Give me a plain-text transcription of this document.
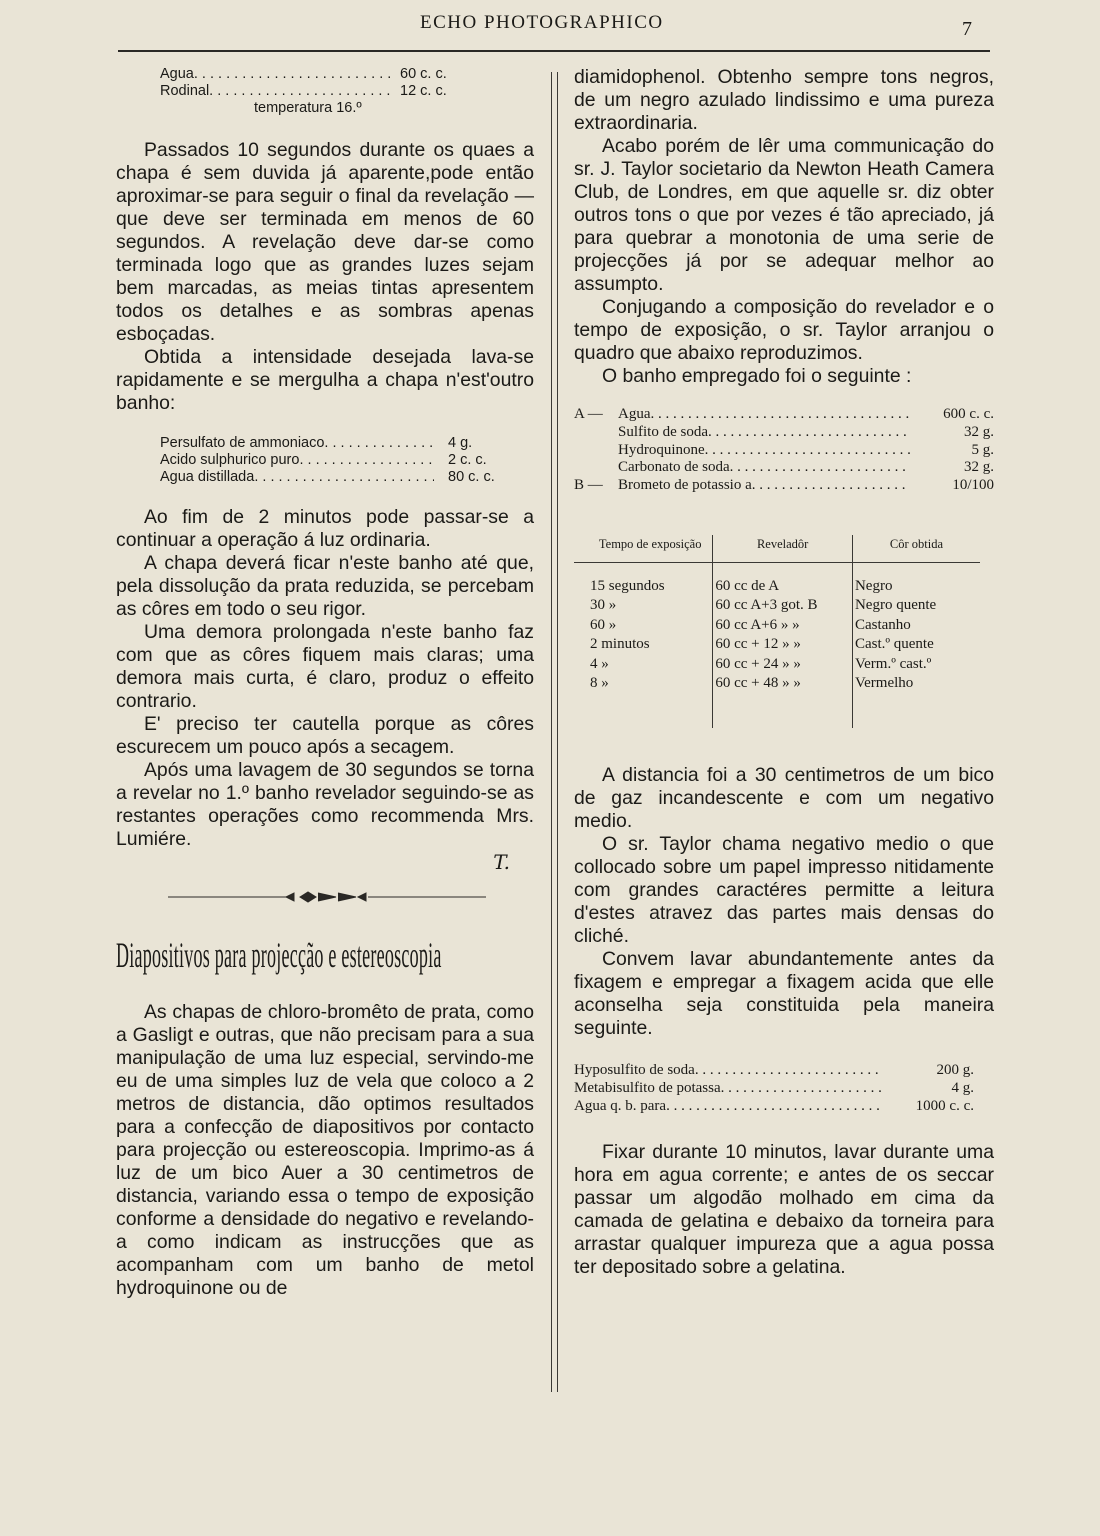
ECHO PHOTOGRAPHICO	7
Agua . . .	60 c. c.
Rodinal . . .	12 c. c.
temperatura 16.º

Passados 10 segundos durante os quaes a chapa é sem duvida já aparente,pode então aproximar-se para seguir o final da revelação —que deve ser terminada em menos de 60 segundos. A revelação deve dar-se como terminada logo que as grandes luzes sejam bem marcadas, as meias tintas apresentem todos os detalhes e as sombras apenas esboçadas.

Obtida a intensidade desejada lava-se rapidamente e se mergulha a chapa n'est'outro banho:

Persulfato de ammoniaco . . .	4 g.
Acido sulphurico puro . . .	2 c. c.
Agua distillada . . .	80 c. c.

Ao fim de 2 minutos pode passar-se a continuar a operação á luz ordinaria.

A chapa deverá ficar n'este banho até que, pela dissolução da prata reduzida, se percebam as côres em todo o seu rigor.

Uma demora prolongada n'este banho faz com que as côres fiquem mais claras; uma demora mais curta, é claro, produz o effeito contrario.

E' preciso ter cautella porque as côres escurecem um pouco após a secagem.

Após uma lavagem de 30 segundos se torna a revelar no 1.º banho revelador seguindo-se as restantes operações como recommenda Mrs. Lumiére.

T.
Diapositivos para projecção e estereoscopia

As chapas de chloro-bromêto de prata, como a Gasligt e outras, que não precisam para a sua manipulação de uma luz especial, servindo-me eu de uma simples luz de vela que coloco a 2 metros de distancia, dão optimos resultados para a confecção de diapositivos por contacto para projecção ou estereoscopia. Imprimo-as á luz de um bico Auer a 30 centimetros de distancia, variando essa o tempo de exposição conforme a densidade do negativo e revelando-a como indicam as instrucções que as acompanham com um banho de metol hydroquinone ou de

diamidophenol. Obtenho sempre tons negros, de um negro azulado lindissimo e uma pureza extraordinaria.

Acabo porém de lêr uma communicação do sr. J. Taylor societario da Newton Heath Camera Club, de Londres, em que aquelle sr. diz obter outros tons o que por vezes é tão apreciado, já para quebrar a monotonia de uma serie de projecções já por se adequar melhor ao assumpto.

Conjugando a composição do revelador e o tempo de exposição, o sr. Taylor arranjou o quadro que abaixo reproduzimos.

O banho empregado foi o seguinte :

A —	Agua . . .	600 c. c.
Sulfito de soda . . .	32 g.
Hydroquinone . . .	5 g.
Carbonato de soda . . .	32 g.
B —	Brometo de potassio a . . .	10/100
Tempo de exposição	Reveladôr	Côr obtida
15 segundos	60 cc de A	Negro
30 »	60 cc A+3 got. B	Negro quente
60 »	60 cc A+6 » »	Castanho
2 minutos	60 cc + 12 » »	Cast.º quente
4 »	60 cc + 24 » »	Verm.º cast.º
8 »	60 cc + 48 » »	Vermelho

A distancia foi a 30 centimetros de um bico de gaz incandescente e com um negativo medio.

O sr. Taylor chama negativo medio o que collocado sobre um papel impresso nitidamente com grandes caractéres permitte a leitura d'estes atravez das partes mais densas do cliché.

Convem lavar abundantemente antes da fixagem e empregar a fixagem acida que elle aconselha seja constituida pela maneira seguinte.

Hyposulfito de soda . . .	200 g.
Metabisulfito de potassa . . .	4 g.
Agua q. b. para . . .	1000 c. c.

Fixar durante 10 minutos, lavar durante uma hora em agua corrente; e antes de os seccar passar um algodão molhado em cima da camada de gelatina e debaixo da torneira para arrastar qualquer impureza que a agua possa ter depositado sobre a gelatina.
